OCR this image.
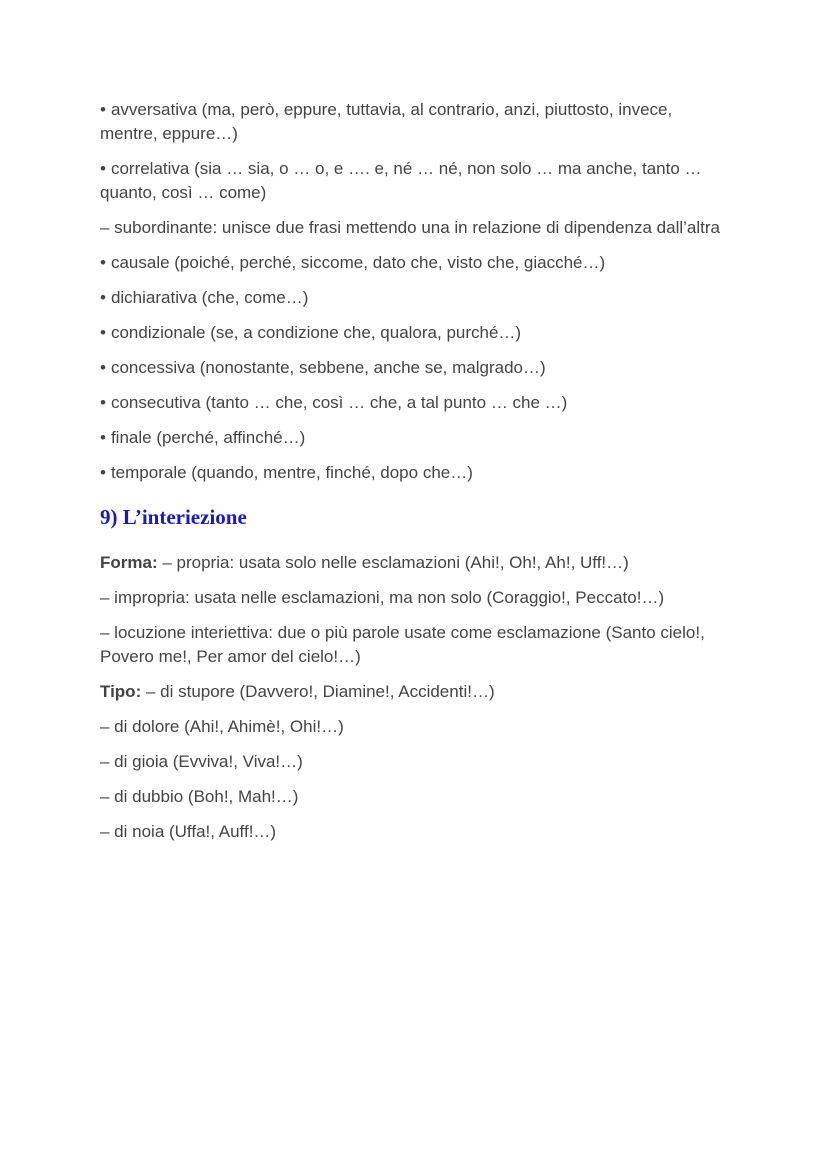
• avversativa (ma, però, eppure, tuttavia, al contrario, anzi, piuttosto, invece, mentre, eppure…)

• correlativa (sia … sia, o … o, e …. e, né … né, non solo … ma anche, tanto … quanto, così … come)

– subordinante: unisce due frasi mettendo una in relazione di dipendenza dall’altra

• causale (poiché, perché, siccome, dato che, visto che, giacché…)

• dichiarativa (che, come…)

• condizionale (se, a condizione che, qualora, purché…)

• concessiva (nonostante, sebbene, anche se, malgrado…)

• consecutiva (tanto … che, così … che, a tal punto … che …)

• finale (perché, affinché…)

• temporale (quando, mentre, finché, dopo che…)

9) L’interiezione

Forma: – propria: usata solo nelle esclamazioni (Ahi!, Oh!, Ah!, Uff!…)

– impropria: usata nelle esclamazioni, ma non solo (Coraggio!, Peccato!…)

– locuzione interiettiva: due o più parole usate come esclamazione (Santo cielo!, Povero me!, Per amor del cielo!…)

Tipo: – di stupore (Davvero!, Diamine!, Accidenti!…)

– di dolore (Ahi!, Ahimè!, Ohi!…)

– di gioia (Evviva!, Viva!…)

– di dubbio (Boh!, Mah!…)

– di noia (Uffa!, Auff!…)
